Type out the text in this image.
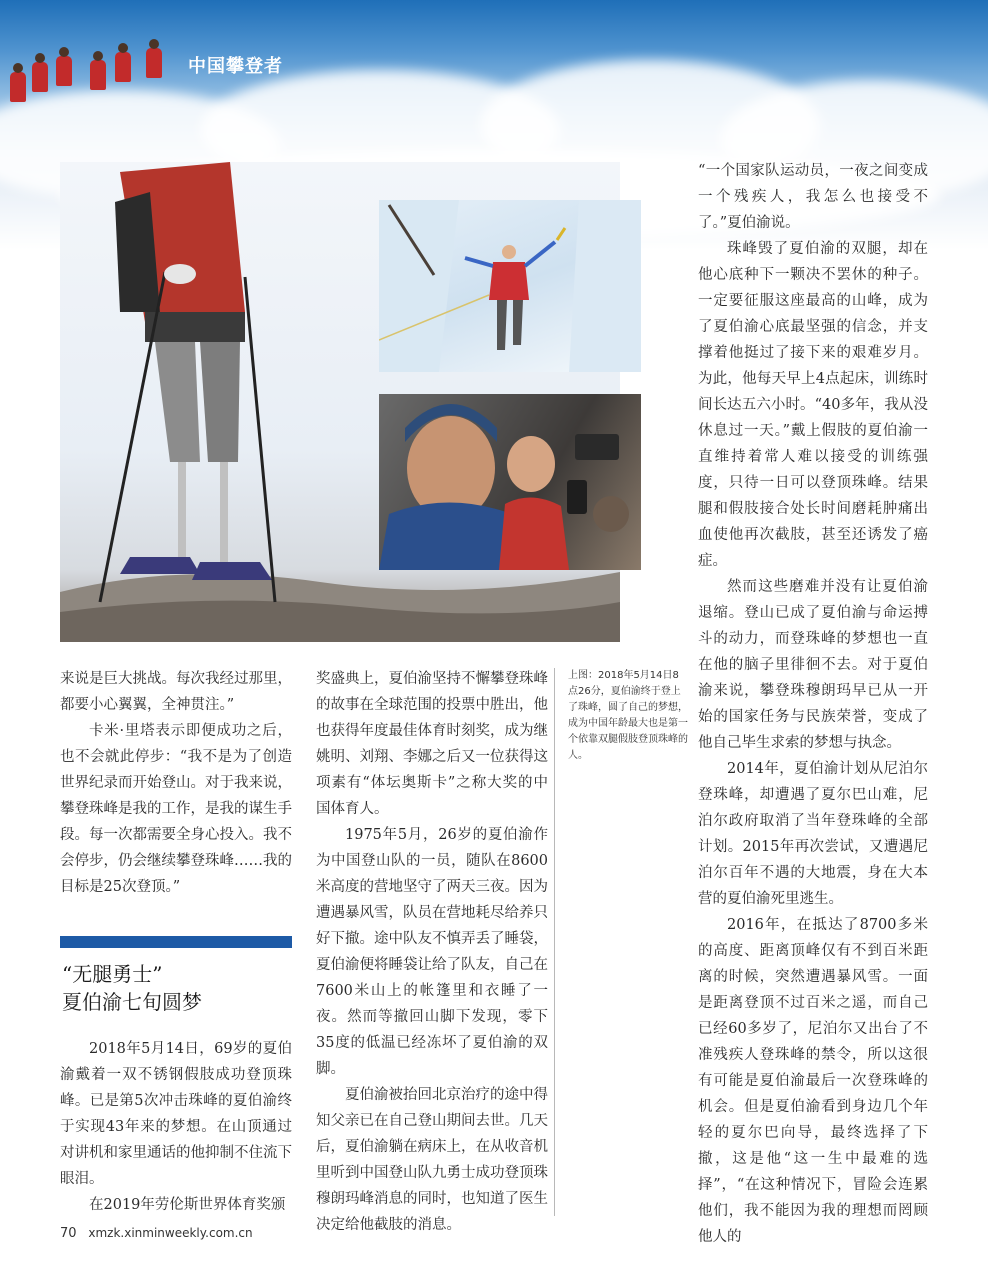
中国攀登者

来说是巨大挑战。每次我经过那里，都要小心翼翼，全神贯注。”

卡米·里塔表示即便成功之后，也不会就此停步：“我不是为了创造世界纪录而开始登山。对于我来说，攀登珠峰是我的工作，是我的谋生手段。每一次都需要全身心投入。我不会停步，仍会继续攀登珠峰……我的目标是25次登顶。”

“无腿勇士”
夏伯渝七旬圆梦

2018年5月14日，69岁的夏伯渝戴着一双不锈钢假肢成功登顶珠峰。已是第5次冲击珠峰的夏伯渝终于实现43年来的梦想。在山顶通过对讲机和家里通话的他抑制不住流下眼泪。

在2019年劳伦斯世界体育奖颁

奖盛典上，夏伯渝坚持不懈攀登珠峰的故事在全球范围的投票中胜出，他也获得年度最佳体育时刻奖，成为继姚明、刘翔、李娜之后又一位获得这项素有“体坛奥斯卡”之称大奖的中国体育人。

1975年5月，26岁的夏伯渝作为中国登山队的一员，随队在8600米高度的营地坚守了两天三夜。因为遭遇暴风雪，队员在营地耗尽给养只好下撤。途中队友不慎弄丢了睡袋，夏伯渝便将睡袋让给了队友，自己在7600米山上的帐篷里和衣睡了一夜。然而等撤回山脚下发现，零下35度的低温已经冻坏了夏伯渝的双脚。

夏伯渝被抬回北京治疗的途中得知父亲已在自己登山期间去世。几天后，夏伯渝躺在病床上，在从收音机里听到中国登山队九勇士成功登顶珠穆朗玛峰消息的同时，也知道了医生决定给他截肢的消息。

上图：2018年5月14日8点26分，夏伯渝终于登上了珠峰，圆了自己的梦想，成为中国年龄最大也是第一个依靠双腿假肢登顶珠峰的人。

“一个国家队运动员，一夜之间变成一个残疾人，我怎么也接受不了。”夏伯渝说。

珠峰毁了夏伯渝的双腿，却在他心底种下一颗决不罢休的种子。一定要征服这座最高的山峰，成为了夏伯渝心底最坚强的信念，并支撑着他挺过了接下来的艰难岁月。为此，他每天早上4点起床，训练时间长达五六小时。“40多年，我从没休息过一天。”戴上假肢的夏伯渝一直维持着常人难以接受的训练强度，只待一日可以登顶珠峰。结果腿和假肢接合处长时间磨耗肿痛出血使他再次截肢，甚至还诱发了癌症。

然而这些磨难并没有让夏伯渝退缩。登山已成了夏伯渝与命运搏斗的动力，而登珠峰的梦想也一直在他的脑子里徘徊不去。对于夏伯渝来说，攀登珠穆朗玛早已从一开始的国家任务与民族荣誉，变成了他自己毕生求索的梦想与执念。

2014年，夏伯渝计划从尼泊尔登珠峰，却遭遇了夏尔巴山难，尼泊尔政府取消了当年登珠峰的全部计划。2015年再次尝试，又遭遇尼泊尔百年不遇的大地震，身在大本营的夏伯渝死里逃生。

2016年，在抵达了8700多米的高度、距离顶峰仅有不到百米距离的时候，突然遭遇暴风雪。一面是距离登顶不过百米之遥，而自己已经60多岁了，尼泊尔又出台了不准残疾人登珠峰的禁令，所以这很有可能是夏伯渝最后一次登珠峰的机会。但是夏伯渝看到身边几个年轻的夏尔巴向导，最终选择了下撤，这是他“这一生中最难的选择”，“在这种情况下，冒险会连累他们，我不能因为我的理想而罔顾他人的

70 xmzk.xinminweekly.com.cn
